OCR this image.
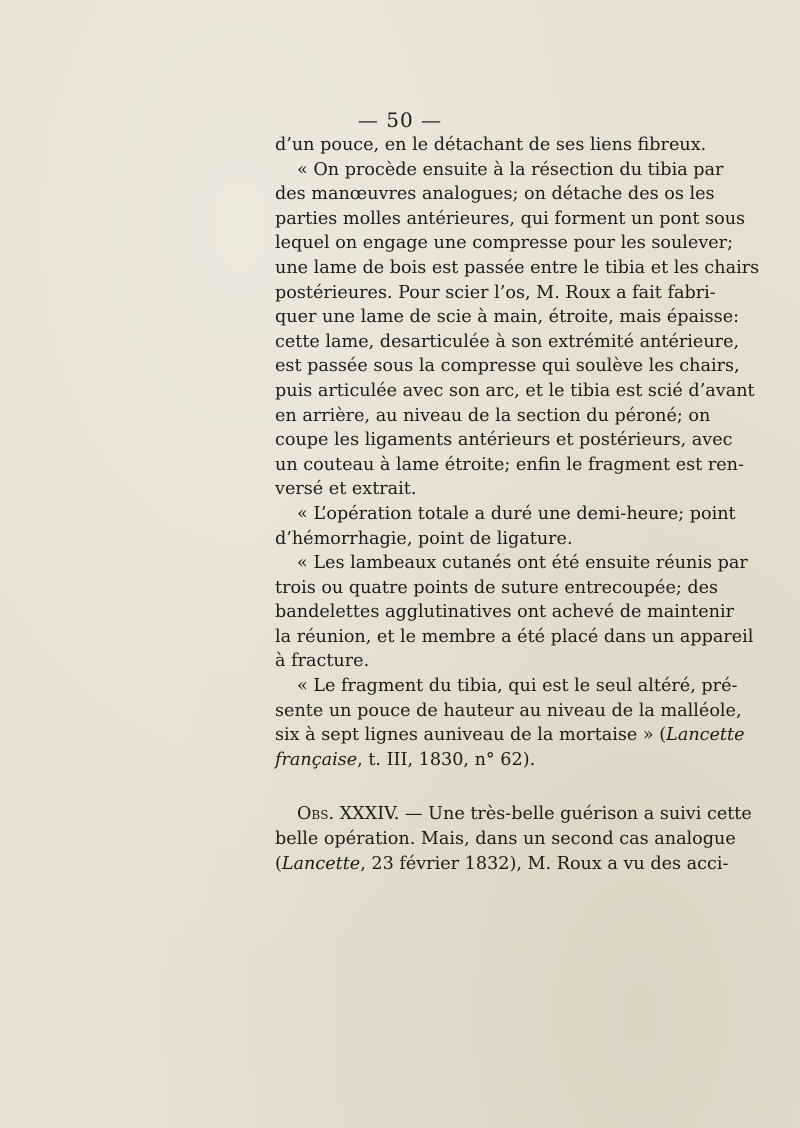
— 50 —
d’un pouce, en le détachant de ses liens fibreux.
« On procède ensuite à la résection du tibia par
des manœuvres analogues; on détache des os les
parties molles antérieures, qui forment un pont sous
lequel on engage une compresse pour les soulever;
une lame de bois est passée entre le tibia et les chairs
postérieures. Pour scier l’os, M. Roux a fait fabri-
quer une lame de scie à main, étroite, mais épaisse:
cette lame, desarticulée à son extrémité antérieure,
est passée sous la compresse qui soulève les chairs,
puis articulée avec son arc, et le tibia est scié d’avant
en arrière, au niveau de la section du péroné; on
coupe les ligaments antérieurs et postérieurs, avec
un couteau à lame étroite; enfin le fragment est ren-
versé et extrait.
« L’opération totale a duré une demi-heure; point
d’hémorrhagie, point de ligature.
« Les lambeaux cutanés ont été ensuite réunis par
trois ou quatre points de suture entrecoupée; des
bandelettes agglutinatives ont achevé de maintenir
la réunion, et le membre a été placé dans un appareil
à fracture.
« Le fragment du tibia, qui est le seul altéré, pré-
sente un pouce de hauteur au niveau de la malléole,
six à sept lignes auniveau de la mortaise » (Lancette
française, t. III, 1830, n° 62).
Obs. XXXIV. — Une très-belle guérison a suivi cette
belle opération. Mais, dans un second cas analogue
(Lancette, 23 février 1832), M. Roux a vu des acci-
